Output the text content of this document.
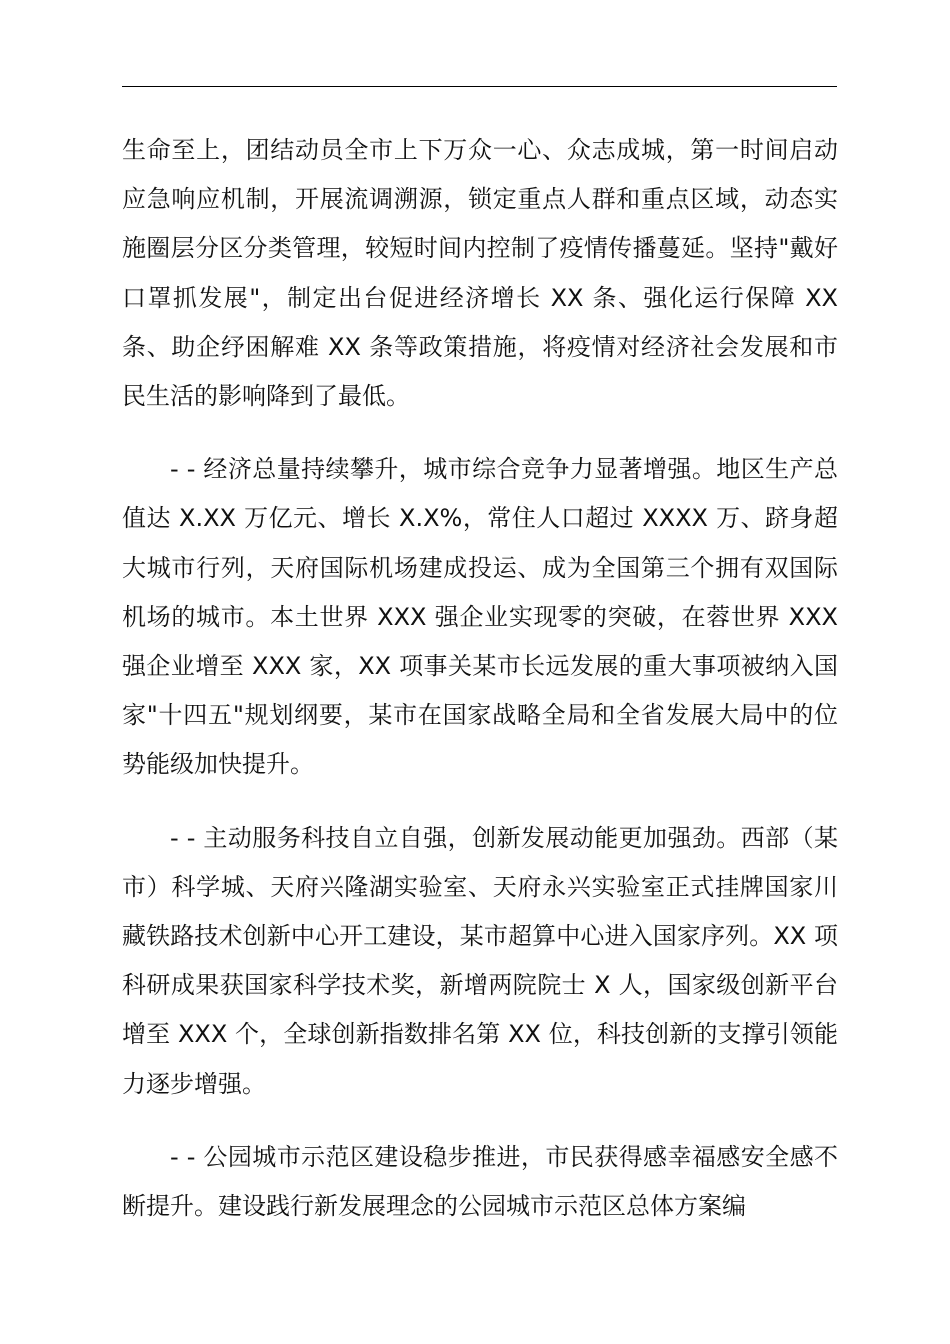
生命至上，团结动员全市上下万众一心、众志成城，第一时间启动应急响应机制，开展流调溯源，锁定重点人群和重点区域，动态实施圈层分区分类管理，较短时间内控制了疫情传播蔓延。坚持"戴好口罩抓发展"，制定出台促进经济增长 XX 条、强化运行保障 XX 条、助企纾困解难 XX 条等政策措施，将疫情对经济社会发展和市民生活的影响降到了最低。

- - 经济总量持续攀升，城市综合竞争力显著增强。地区生产总值达 X.XX 万亿元、增长 X.X%，常住人口超过 XXXX 万、跻身超大城市行列，天府国际机场建成投运、成为全国第三个拥有双国际机场的城市。本土世界 XXX 强企业实现零的突破，在蓉世界 XXX 强企业增至 XXX 家，XX 项事关某市长远发展的重大事项被纳入国家"十四五"规划纲要，某市在国家战略全局和全省发展大局中的位势能级加快提升。

- - 主动服务科技自立自强，创新发展动能更加强劲。西部（某市）科学城、天府兴隆湖实验室、天府永兴实验室正式挂牌国家川藏铁路技术创新中心开工建设，某市超算中心进入国家序列。XX 项科研成果获国家科学技术奖，新增两院院士 X 人，国家级创新平台增至 XXX 个，全球创新指数排名第 XX 位，科技创新的支撑引领能力逐步增强。

- - 公园城市示范区建设稳步推进，市民获得感幸福感安全感不断提升。建设践行新发展理念的公园城市示范区总体方案编
